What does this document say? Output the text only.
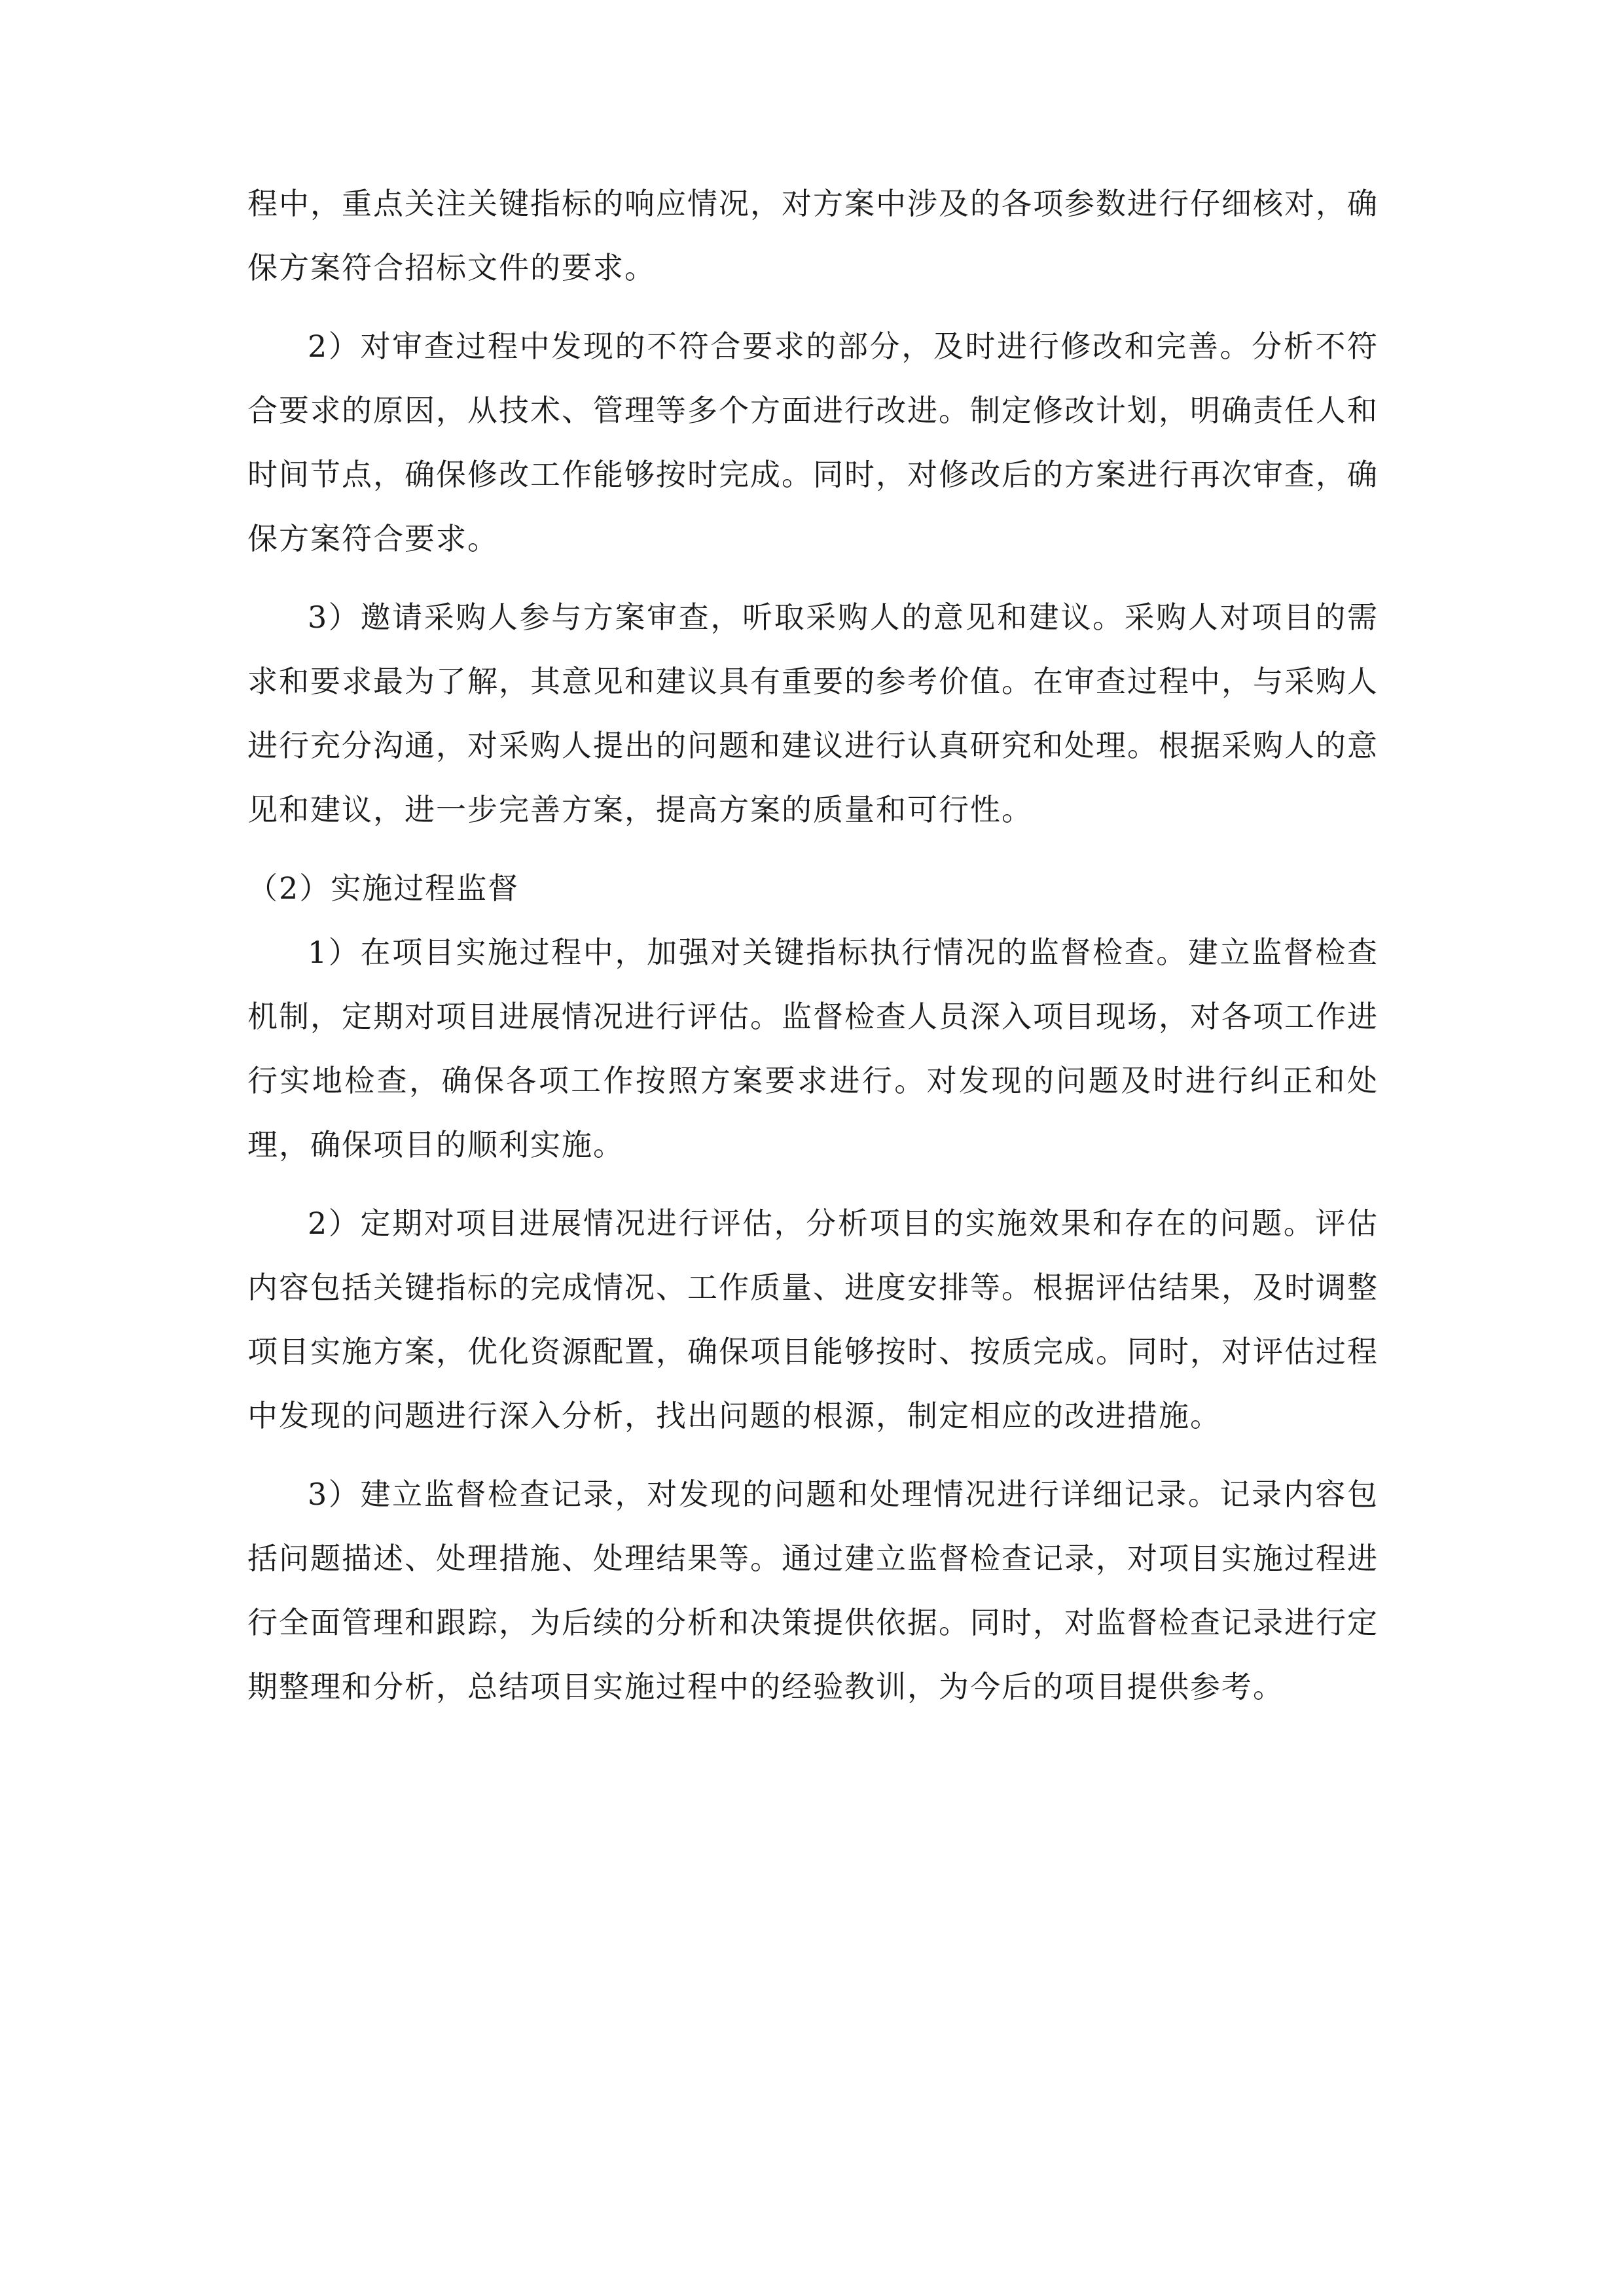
程中，重点关注关键指标的响应情况，对方案中涉及的各项参数进行仔细核对，确保方案符合招标文件的要求。

2）对审查过程中发现的不符合要求的部分，及时进行修改和完善。分析不符合要求的原因，从技术、管理等多个方面进行改进。制定修改计划，明确责任人和时间节点，确保修改工作能够按时完成。同时，对修改后的方案进行再次审查，确保方案符合要求。

3）邀请采购人参与方案审查，听取采购人的意见和建议。采购人对项目的需求和要求最为了解，其意见和建议具有重要的参考价值。在审查过程中，与采购人进行充分沟通，对采购人提出的问题和建议进行认真研究和处理。根据采购人的意见和建议，进一步完善方案，提高方案的质量和可行性。

（2）实施过程监督

1）在项目实施过程中，加强对关键指标执行情况的监督检查。建立监督检查机制，定期对项目进展情况进行评估。监督检查人员深入项目现场，对各项工作进行实地检查，确保各项工作按照方案要求进行。对发现的问题及时进行纠正和处理，确保项目的顺利实施。

2）定期对项目进展情况进行评估，分析项目的实施效果和存在的问题。评估内容包括关键指标的完成情况、工作质量、进度安排等。根据评估结果，及时调整项目实施方案，优化资源配置，确保项目能够按时、按质完成。同时，对评估过程中发现的问题进行深入分析，找出问题的根源，制定相应的改进措施。

3）建立监督检查记录，对发现的问题和处理情况进行详细记录。记录内容包括问题描述、处理措施、处理结果等。通过建立监督检查记录，对项目实施过程进行全面管理和跟踪，为后续的分析和决策提供依据。同时，对监督检查记录进行定期整理和分析，总结项目实施过程中的经验教训，为今后的项目提供参考。
